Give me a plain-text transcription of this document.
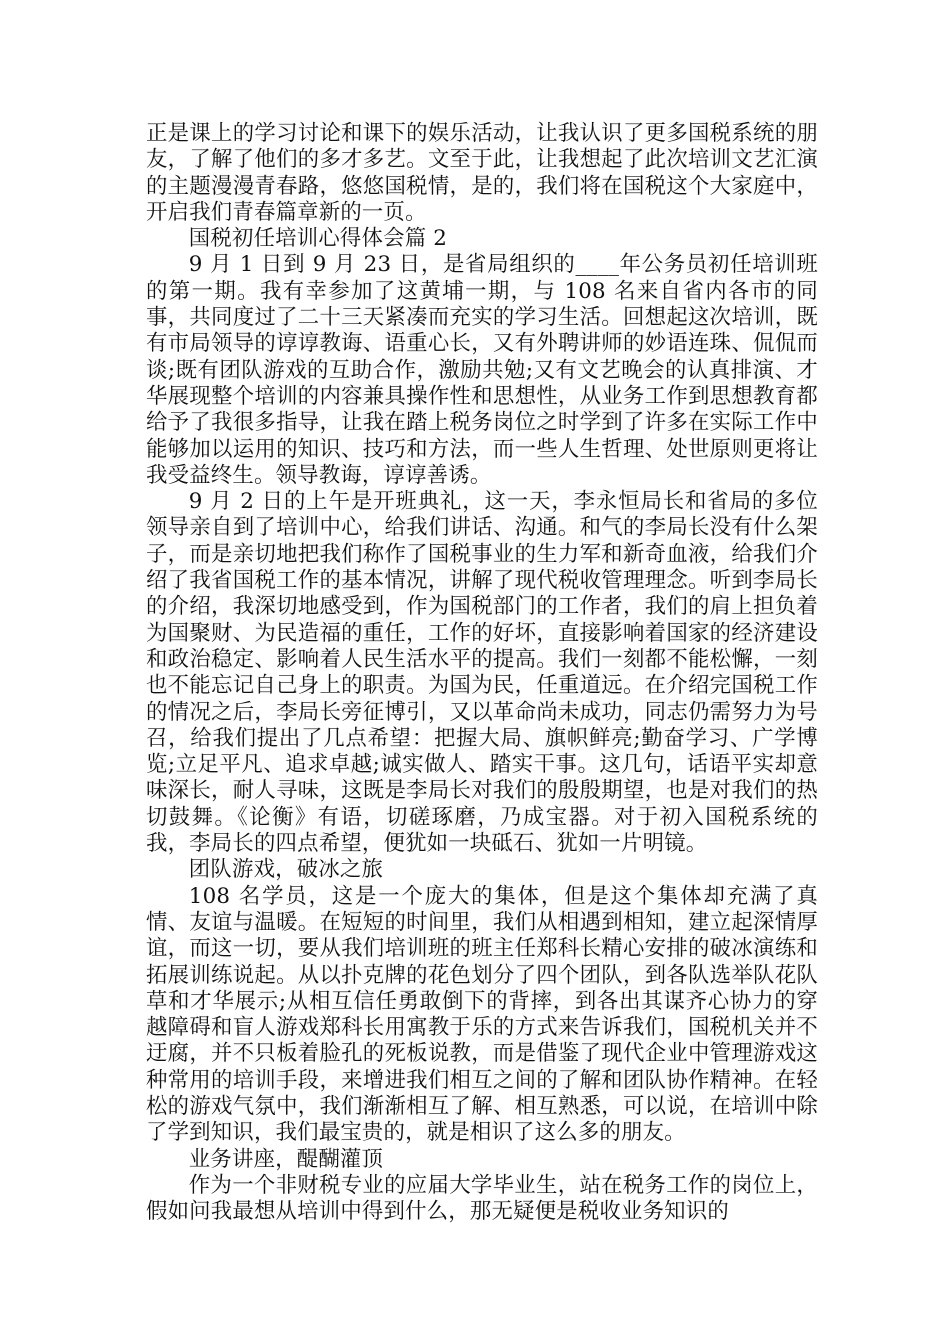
正是课上的学习讨论和课下的娱乐活动，让我认识了更多国税系统的朋友，了解了他们的多才多艺。文至于此，让我想起了此次培训文艺汇演的主题漫漫青春路，悠悠国税情，是的，我们将在国税这个大家庭中，开启我们青春篇章新的一页。

国税初任培训心得体会篇 2

9 月 1 日到 9 月 23 日，是省局组织的____年公务员初任培训班的第一期。我有幸参加了这黄埔一期，与 108 名来自省内各市的同事，共同度过了二十三天紧凑而充实的学习生活。回想起这次培训，既有市局领导的谆谆教诲、语重心长，又有外聘讲师的妙语连珠、侃侃而谈;既有团队游戏的互助合作，激励共勉;又有文艺晚会的认真排演、才华展现整个培训的内容兼具操作性和思想性，从业务工作到思想教育都给予了我很多指导，让我在踏上税务岗位之时学到了许多在实际工作中能够加以运用的知识、技巧和方法，而一些人生哲理、处世原则更将让我受益终生。领导教诲，谆谆善诱。

9 月 2 日的上午是开班典礼，这一天，李永恒局长和省局的多位领导亲自到了培训中心，给我们讲话、沟通。和气的李局长没有什么架子，而是亲切地把我们称作了国税事业的生力军和新奇血液，给我们介绍了我省国税工作的基本情况，讲解了现代税收管理理念。听到李局长的介绍，我深切地感受到，作为国税部门的工作者，我们的肩上担负着为国聚财、为民造福的重任，工作的好坏，直接影响着国家的经济建设和政治稳定、影响着人民生活水平的提高。我们一刻都不能松懈，一刻也不能忘记自己身上的职责。为国为民，任重道远。在介绍完国税工作的情况之后，李局长旁征博引，又以革命尚未成功，同志仍需努力为号召，给我们提出了几点希望：把握大局、旗帜鲜亮;勤奋学习、广学博览;立足平凡、追求卓越;诚实做人、踏实干事。这几句，话语平实却意味深长，耐人寻味，这既是李局长对我们的殷殷期望，也是对我们的热切鼓舞。《论衡》有语，切磋琢磨，乃成宝器。对于初入国税系统的我，李局长的四点希望，便犹如一块砥石、犹如一片明镜。

团队游戏，破冰之旅

108 名学员，这是一个庞大的集体，但是这个集体却充满了真情、友谊与温暖。在短短的时间里，我们从相遇到相知，建立起深情厚谊，而这一切，要从我们培训班的班主任郑科长精心安排的破冰演练和拓展训练说起。从以扑克牌的花色划分了四个团队，到各队选举队花队草和才华展示;从相互信任勇敢倒下的背摔，到各出其谋齐心协力的穿越障碍和盲人游戏郑科长用寓教于乐的方式来告诉我们，国税机关并不迂腐，并不只板着脸孔的死板说教，而是借鉴了现代企业中管理游戏这种常用的培训手段，来增进我们相互之间的了解和团队协作精神。在轻松的游戏气氛中，我们渐渐相互了解、相互熟悉，可以说，在培训中除了学到知识，我们最宝贵的，就是相识了这么多的朋友。

业务讲座，醍醐灌顶

作为一个非财税专业的应届大学毕业生，站在税务工作的岗位上，假如问我最想从培训中得到什么，那无疑便是税收业务知识的
